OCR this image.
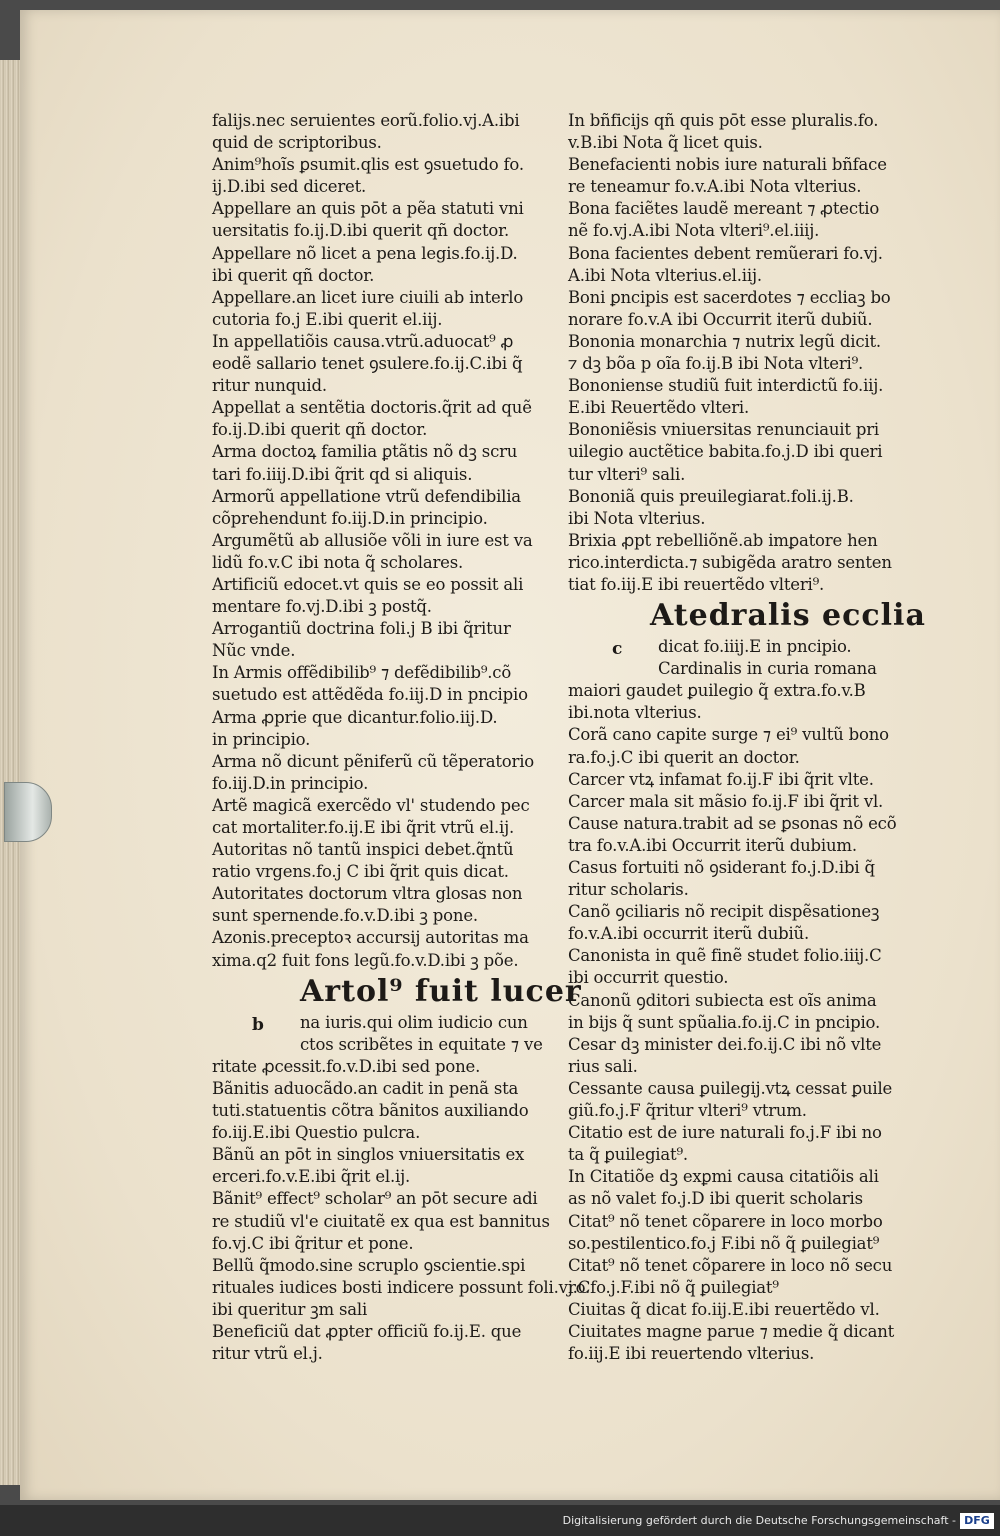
falijs.nec seruientes eorũ.folio.vj.A.ibi
quid de scriptoribus.
Anim⁹hoĩs ꝑsumit.qlis est ꝯsuetudo fo.
ij.D.ibi sed diceret.
Appellare an quis pōt a pẽa statuti vni
uersitatis fo.ij.D.ibi querit qñ doctor.
Appellare nõ licet a pena legis.fo.ij.D.
ibi querit qñ doctor.
Appellare.an licet iure ciuili ab interlo
cutoria fo.j E.ibi querit el.iij.
In appellatiõis causa.vtrũ.aduocat⁹ ꝓ
eodẽ sallario tenet ꝯsulere.fo.ij.C.ibi q̃
ritur nunquid.
Appellat a sentẽtia doctoris.q̃rit ad quẽ
fo.ij.D.ibi querit qñ doctor.
Arma doctoꝝ familia ꝑtãtis nõ dꝫ scru
tari fo.iiij.D.ibi q̃rit qd si aliquis.
Armorũ appellatione vtrũ defendibilia
cõprehendunt fo.iij.D.in principio.
Argumẽtũ ab allusiõe võli in iure est va
lidũ fo.v.C ibi nota q̃ scholares.
Artificiũ edocet.vt quis se eo possit ali
mentare fo.vj.D.ibi ꝫ postq̃.
Arrogantiũ doctrina foli.j B ibi q̃ritur
Nũc vnde.
In Armis offẽdibilib⁹ ⁊ defẽdibilib⁹.cõ
suetudo est attẽdẽda fo.iij.D in pncipio
Arma ꝓprie que dicantur.folio.iij.D.
in principio.
Arma nõ dicunt pẽniferũ cũ tẽperatorio
fo.iij.D.in principio.
Artẽ magicã exercẽdo vl' studendo pec
cat mortaliter.fo.ij.E ibi q̃rit vtrũ el.ij.
Autoritas nõ tantũ inspici debet.q̃ntũ
ratio vrgens.fo.j C ibi q̃rit quis dicat.
Autoritates doctorum vltra glosas non
sunt spernende.fo.v.D.ibi ꝫ pone.
Azonis.preceptoꝛ accursij autoritas ma
xima.q2 fuit fons legũ.fo.v.D.ibi ꝫ põe.
Artol⁹ fuit lucer
b na iuris.qui olim iudicio cun
ctos scribẽtes in equitate ⁊ ve
ritate ꝓcessit.fo.v.D.ibi sed pone.
Bãnitis aduocãdo.an cadit in penã sta
tuti.statuentis cõtra bãnitos auxiliando
fo.iij.E.ibi Questio pulcra.
Bãnũ an pōt in singlos vniuersitatis ex
erceri.fo.v.E.ibi q̃rit el.ij.
Bãnit⁹ effect⁹ scholar⁹ an pōt secure adi
re studiũ vl'e ciuitatẽ ex qua est bannitus
fo.vj.C ibi q̃ritur et pone.
Bellũ q̃modo.sine scruplo ꝯscientie.spi
rituales iudices bosti indicere possunt foli.vj.C
ibi queritur ꝫm sali
Beneficiũ dat ꝓpter officiũ fo.ij.E. que
ritur vtrũ el.j.
In bñficijs qñ quis pōt esse pluralis.fo.
v.B.ibi Nota q̃ licet quis.
Benefacienti nobis iure naturali bñface
re teneamur fo.v.A.ibi Nota vlterius.
Bona faciẽtes laudẽ mereant ⁊ ꝓtectio
nẽ fo.vj.A.ibi Nota vlteri⁹.el.iiij.
Bona facientes debent remũerari fo.vj.
A.ibi Nota vlterius.el.iij.
Boni ꝑncipis est sacerdotes ⁊ eccliaꝫ bo
norare fo.v.A ibi Occurrit iterũ dubiũ.
Bononia monarchia ⁊ nutrix legũ dicit.
⁊ dꝫ bõa p oĩa fo.ij.B ibi Nota vlteri⁹.
Bononiense studiũ fuit interdictũ fo.iij.
E.ibi Reuertẽdo vlteri.
Bononiẽsis vniuersitas renunciauit pri
uilegio auctẽtice babita.fo.j.D ibi queri
tur vlteri⁹ sali.
Bononiã quis preuilegiarat.foli.ij.B.
ibi Nota vlterius.
Brixia ꝓpt rebelliõnẽ.ab imꝑatore hen
rico.interdicta.⁊ subigẽda aratro senten
tiat fo.iij.E ibi reuertẽdo vlteri⁹.
Atedralis ecclia
c dicat fo.iiij.E in pncipio.
Cardinalis in curia romana
maiori gaudet ꝑuilegio q̃ extra.fo.v.B
ibi.nota vlterius.
Corã cano capite surge ⁊ ei⁹ vultũ bono
ra.fo.j.C ibi querit an doctor.
Carcer vtꝝ infamat fo.ij.F ibi q̃rit vlte.
Carcer mala sit mãsio fo.ij.F ibi q̃rit vl.
Cause natura.trabit ad se ꝑsonas nõ ecõ
tra fo.v.A.ibi Occurrit iterũ dubium.
Casus fortuiti nõ ꝯsiderant fo.j.D.ibi q̃
ritur scholaris.
Canõ ꝯciliaris nõ recipit dispẽsationeꝫ
fo.v.A.ibi occurrit iterũ dubiũ.
Canonista in quẽ finẽ studet folio.iiij.C
ibi occurrit questio.
Canonũ ꝯditori subiecta est oĩs anima
in bijs q̃ sunt spũalia.fo.ij.C in pncipio.
Cesar dꝫ minister dei.fo.ij.C ibi nõ vlte
rius sali.
Cessante causa ꝑuilegij.vtꝝ cessat ꝑuile
giũ.fo.j.F q̃ritur vlteri⁹ vtrum.
Citatio est de iure naturali fo.j.F ibi no
ta q̃ ꝑuilegiat⁹.
In Citatiõe dꝫ exꝑmi causa citatiõis ali
as nõ valet fo.j.D ibi querit scholaris
Citat⁹ nõ tenet cõparere in loco morbo
so.pestilentico.fo.j F.ibi nõ q̃ ꝑuilegiat⁹
Citat⁹ nõ tenet cõparere in loco nõ secu
ro.fo.j.F.ibi nõ q̃ ꝑuilegiat⁹
Ciuitas q̃ dicat fo.iij.E.ibi reuertẽdo vl.
Ciuitates magne parue ⁊ medie q̃ dicant
fo.iij.E ibi reuertendo vlterius.
Digitalisierung gefördert durch die Deutsche Forschungsgemeinschaft - DFG
